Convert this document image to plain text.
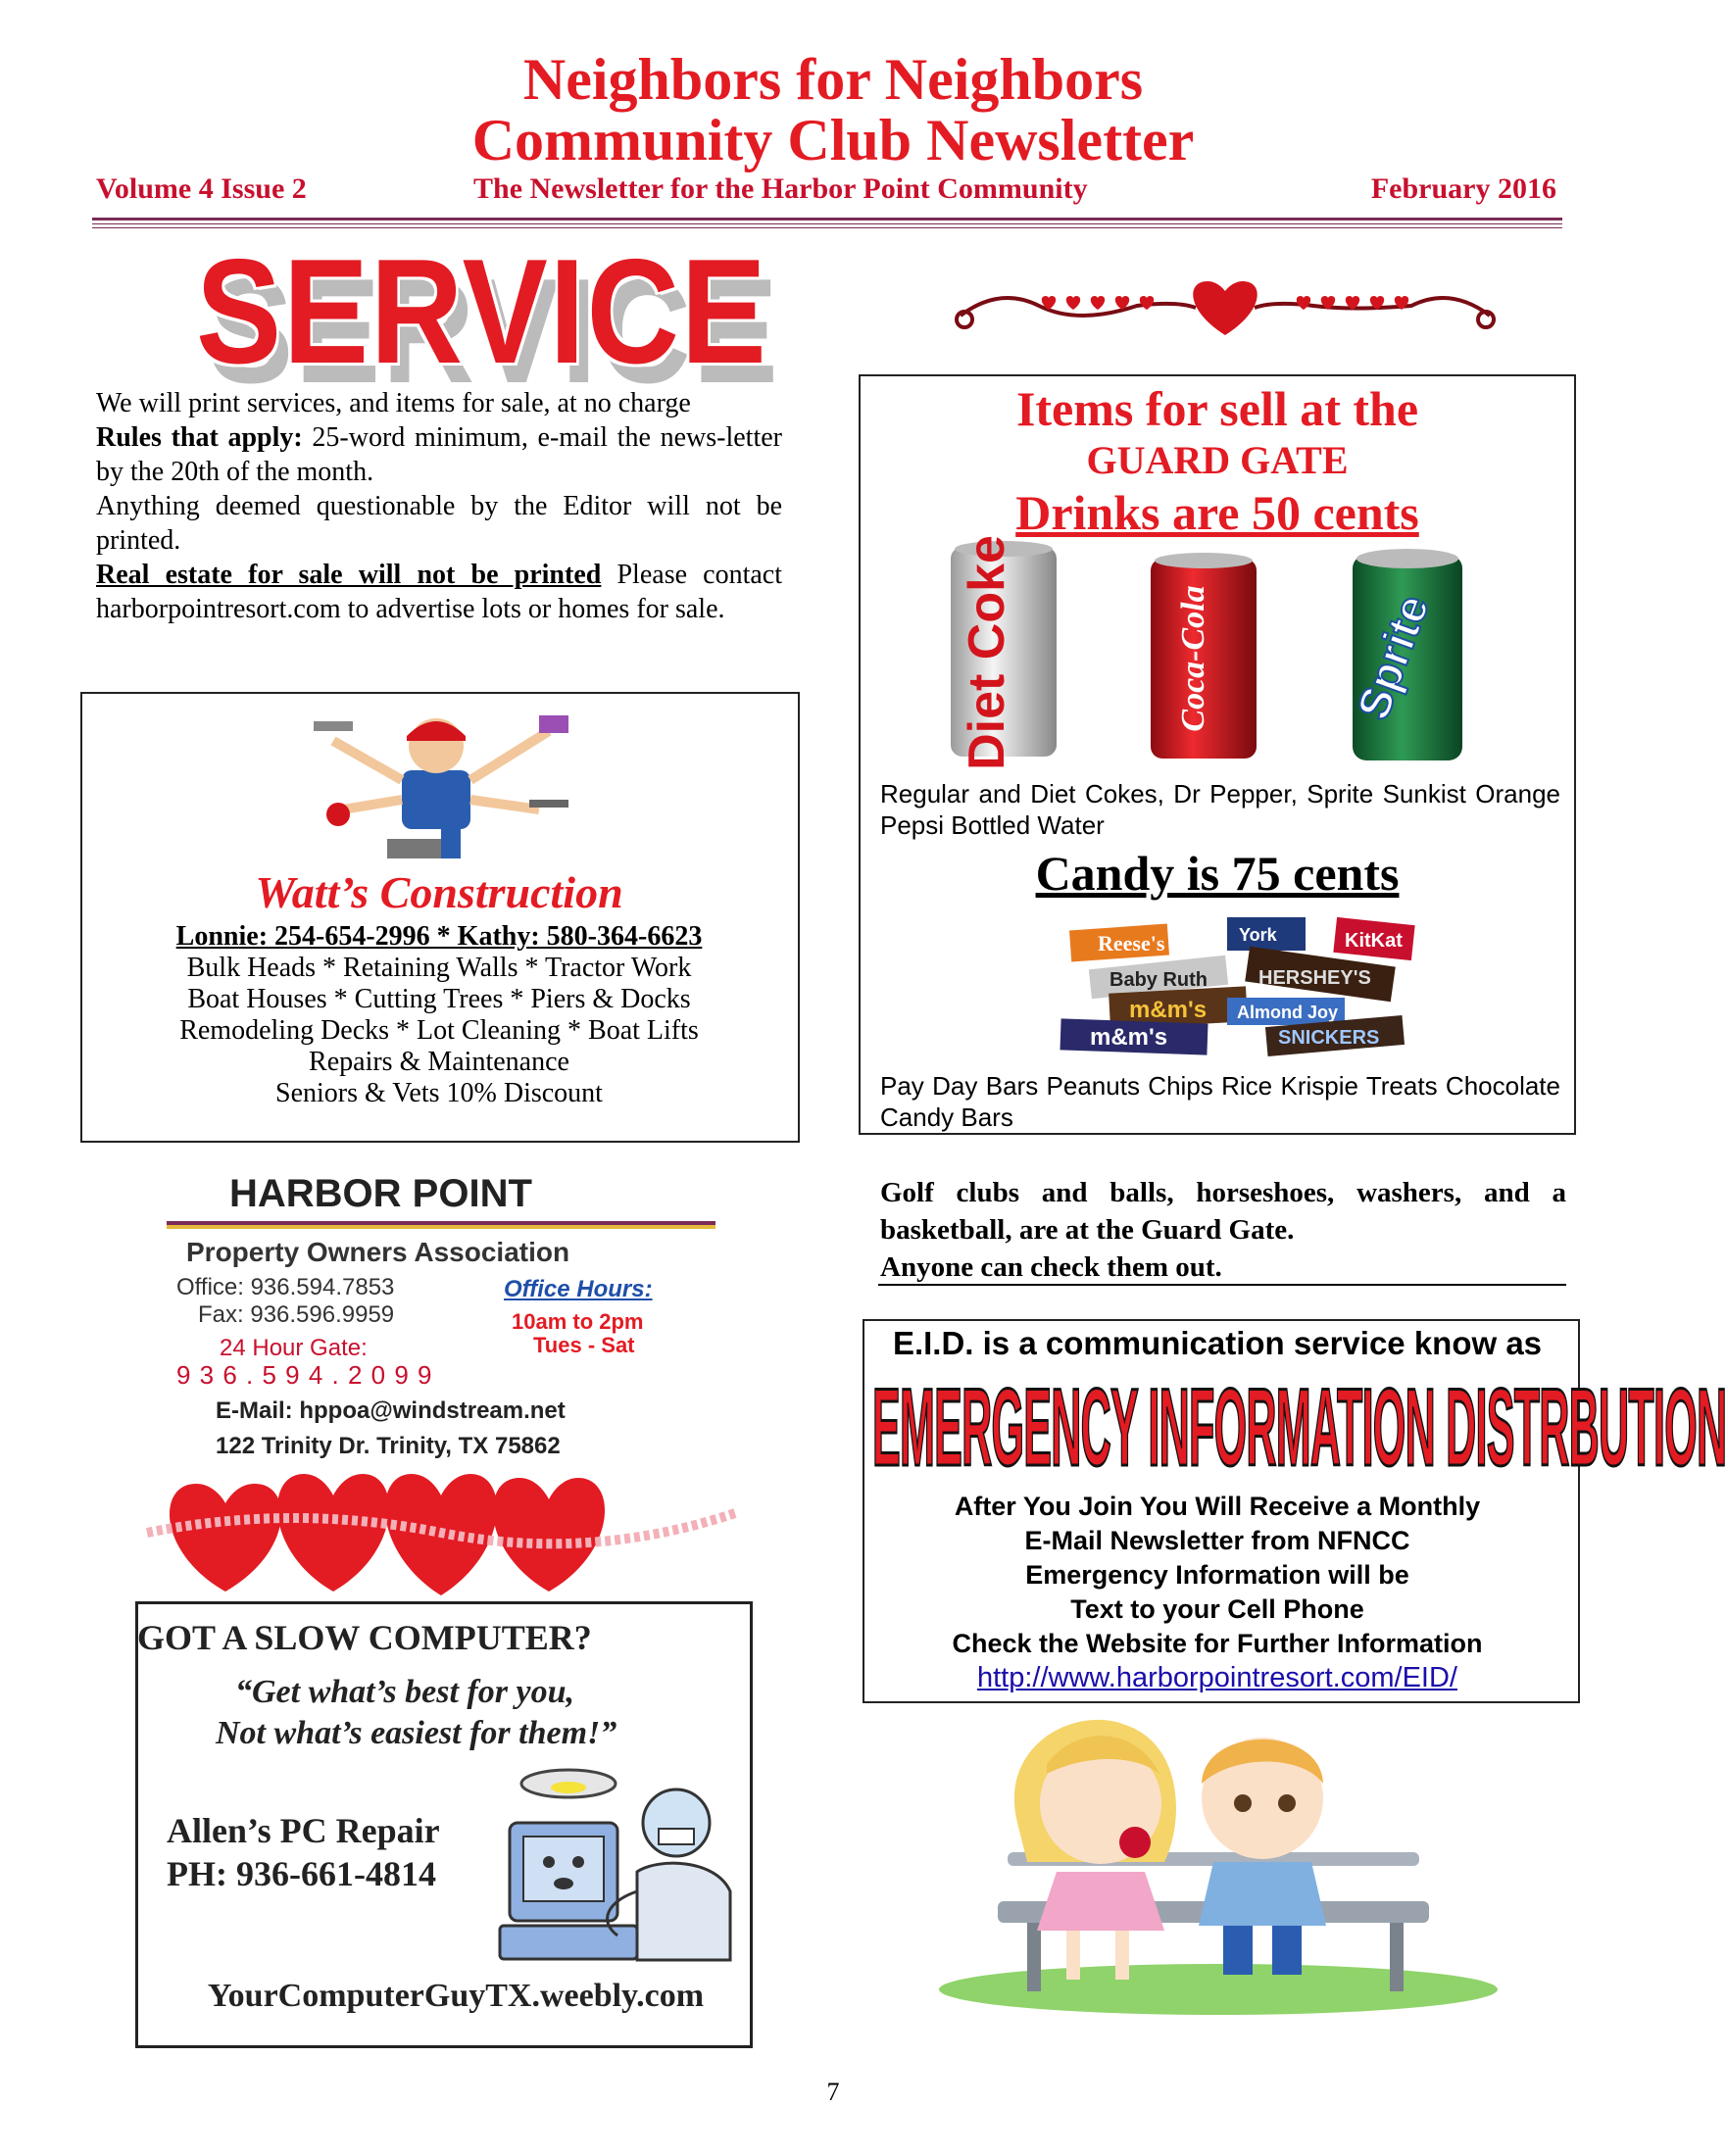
Neighbors for Neighbors
Community Club Newsletter
Volume 4 Issue 2	The Newsletter for the Harbor Point Community	February 2016
SERVICE

We will print services, and items for sale, at no charge

Rules that apply: 25-word minimum, e-mail the news-letter by the 20th of the month.

Anything deemed questionable by the Editor will not be printed.

Real estate for sale will not be printed Please contact harborpointresort.com to advertise lots or homes for sale.

Watt’s Construction
Lonnie: 254-654-2996 * Kathy: 580-364-6623
Bulk Heads * Retaining Walls * Tractor Work
Boat Houses * Cutting Trees * Piers & Docks
Remodeling Decks * Lot Cleaning * Boat Lifts
Repairs & Maintenance
Seniors & Vets 10% Discount
Items for sell at the
GUARD GATE
Drinks are 50 cents
Diet Coke	Coca-Cola	Sprite
Regular and Diet Cokes, Dr Pepper, Sprite Sunkist Orange Pepsi Bottled Water
Candy is 75 cents
Reese's	York	KitKat
Baby Ruth	HERSHEY'S
m&m's Almond Joy
m&m's	SNICKERS
Pay Day Bars Peanuts Chips Rice Krispie Treats Chocolate Candy Bars

Golf clubs and balls, horseshoes, washers, and a basketball, are at the Guard Gate.

Anyone can check them out.

HARBOR POINT
Property Owners Association
Office: 936.594.7853
Fax: 936.596.9959
Office Hours:
10am to 2pm
Tues - Sat
24 Hour Gate:
9 3 6 . 5 9 4 . 2 0 9 9
E-Mail: hppoa@windstream.net
122 Trinity Dr. Trinity, TX 75862
E.I.D. is a communication service know as
EMERGENCY INFORMATION DISTRBUTION
After You Join You Will Receive a Monthly
E-Mail Newsletter from NFNCC
Emergency Information will be
Text to your Cell Phone
Check the Website for Further Information
http://www.harborpointresort.com/EID/
GOT A SLOW COMPUTER?
“Get what’s best for you,
Not what’s easiest for them!”
Allen’s PC Repair
PH: 936-661-4814
YourComputerGuyTX.weebly.com
7
